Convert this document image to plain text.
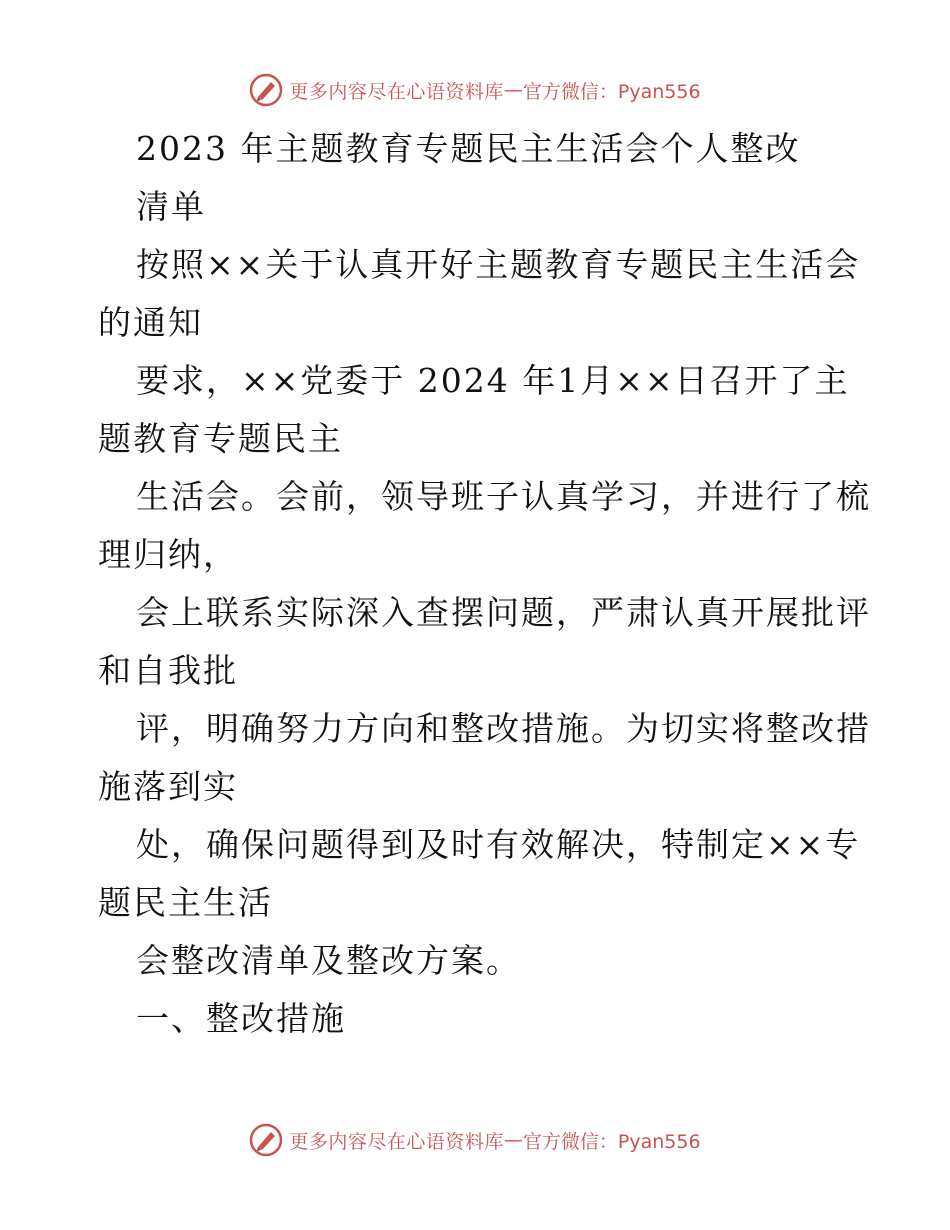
更多内容尽在心语资料库 — 官方微信：Pyan556
2023 年主题教育专题民主生活会个人整改
清单
按照××关于认真开好主题教育专题民主生活会
的通知
要求，××党委于 2024 年1月××日召开了主
题教育专题民主
生活会。会前，领导班子认真学习，并进行了梳
理归纳，
会上联系实际深入查摆问题，严肃认真开展批评
和自我批
评，明确努力方向和整改措施。为切实将整改措
施落到实
处，确保问题得到及时有效解决，特制定××专
题民主生活
会整改清单及整改方案。
一、整改措施
更多内容尽在心语资料库 — 官方微信：Pyan556
